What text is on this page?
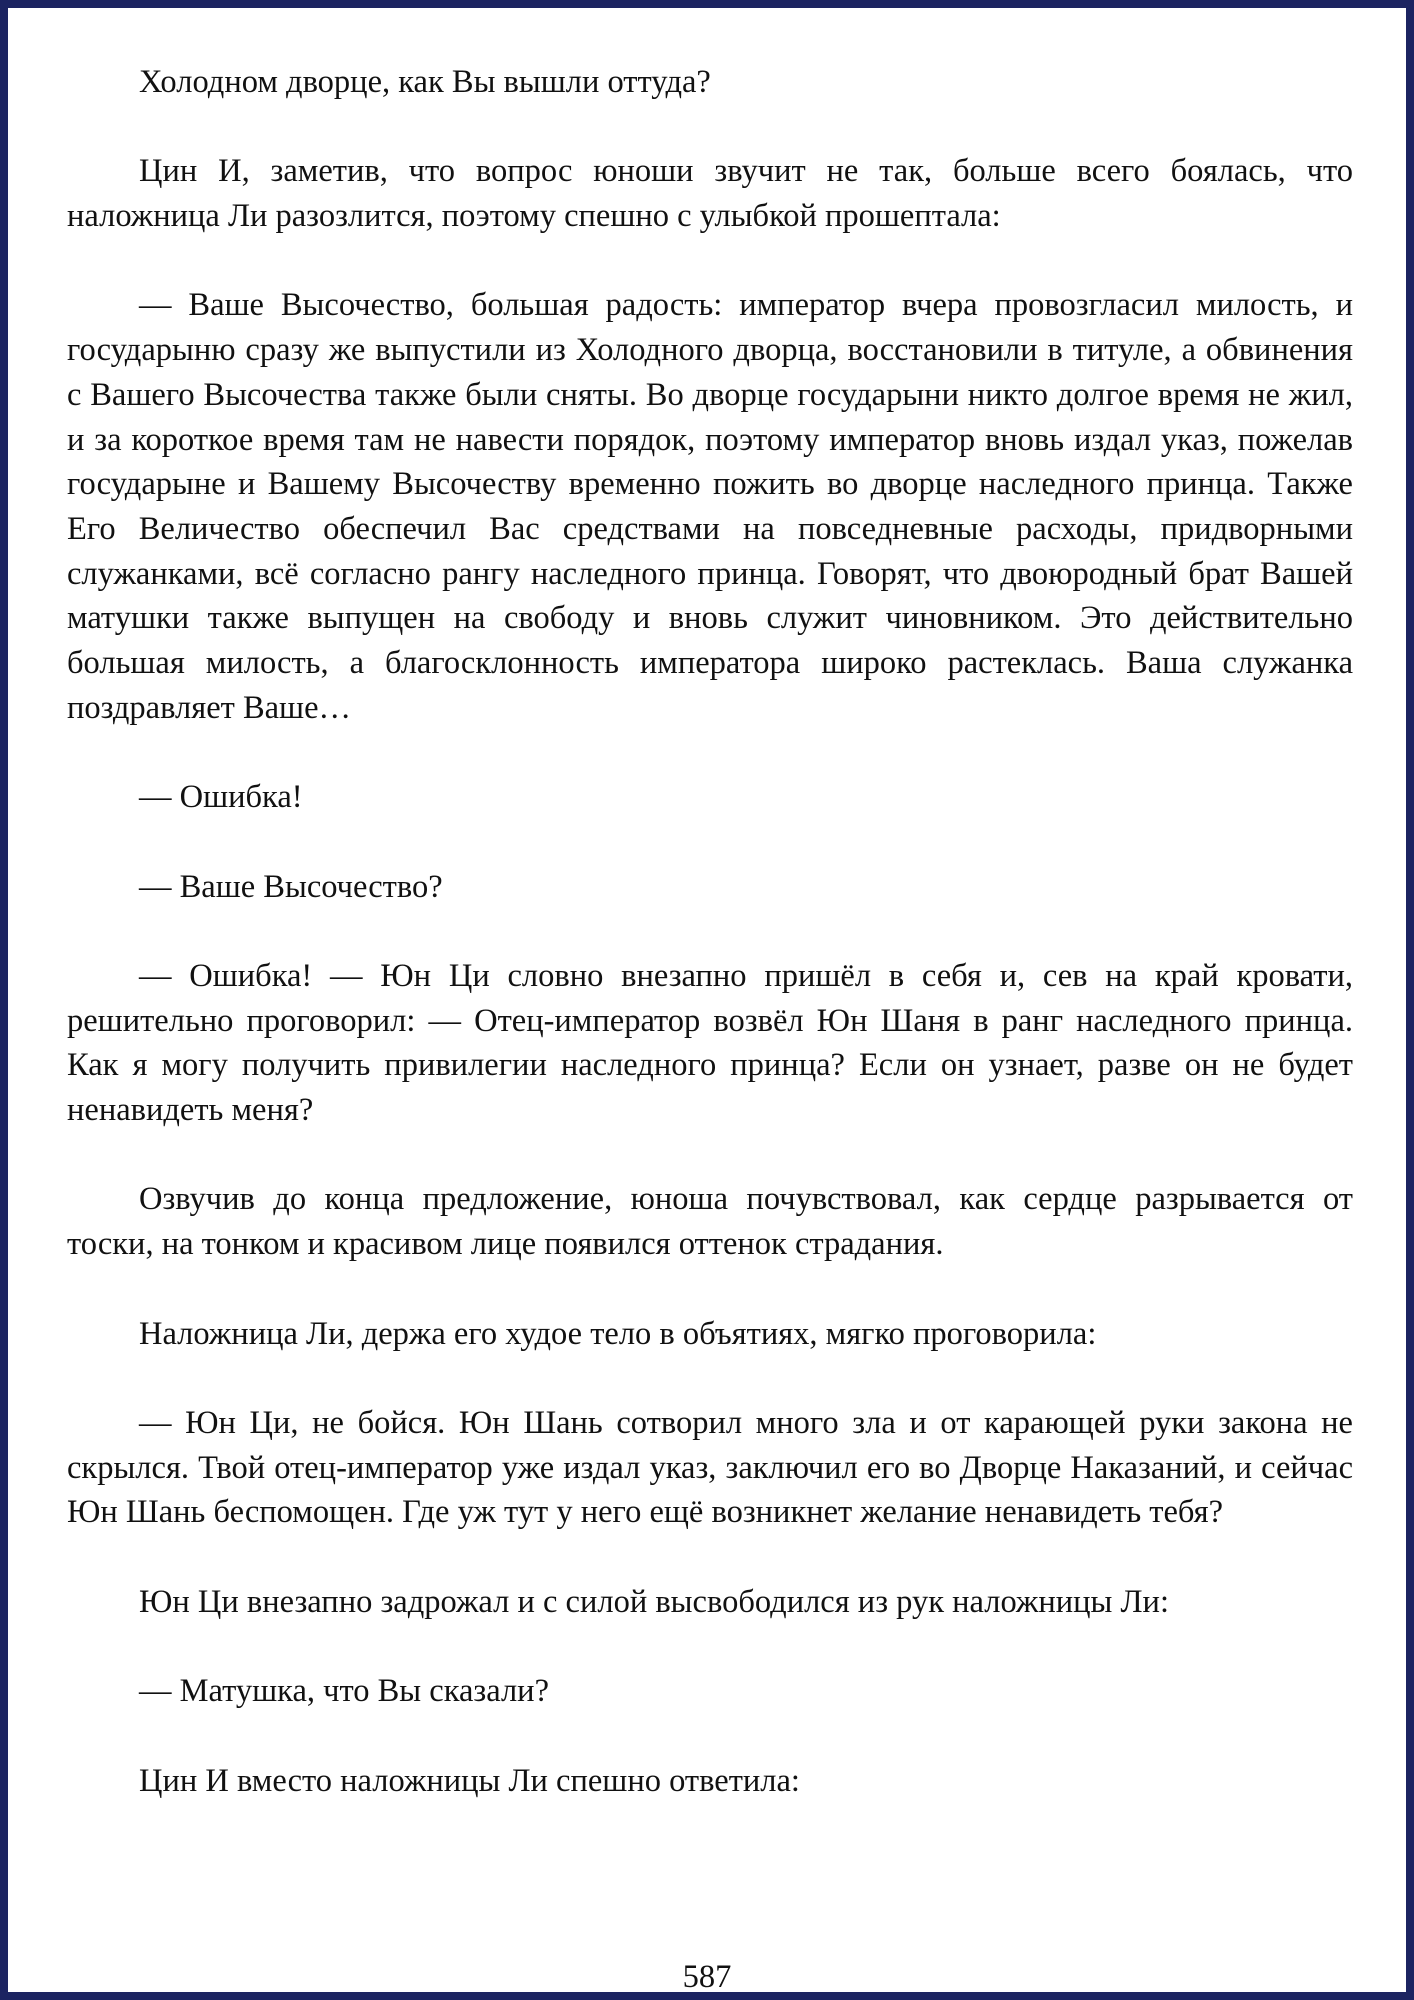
Холодном дворце, как Вы вышли оттуда?

Цин И, заметив, что вопрос юноши звучит не так, больше всего боялась, что наложница Ли разозлится, поэтому спешно с улыбкой прошептала:

— Ваше Высочество, большая радость: император вчера провозгласил милость, и государыню сразу же выпустили из Холодного дворца, восстановили в титуле, а обвинения с Вашего Высочества также были сняты. Во дворце государыни никто долгое время не жил, и за короткое время там не навести порядок, поэтому император вновь издал указ, пожелав государыне и Вашему Высочеству временно пожить во дворце наследного принца. Также Его Величество обеспечил Вас средствами на повседневные расходы, придворными служанками, всё согласно рангу наследного принца. Говорят, что двоюродный брат Вашей матушки также выпущен на свободу и вновь служит чиновником. Это действительно большая милость, а благосклонность императора широко растеклась. Ваша служанка поздравляет Ваше…

— Ошибка!

— Ваше Высочество?

— Ошибка! — Юн Ци словно внезапно пришёл в себя и, сев на край кровати, решительно проговорил: — Отец-император возвёл Юн Шаня в ранг наследного принца. Как я могу получить привилегии наследного принца? Если он узнает, разве он не будет ненавидеть меня?

Озвучив до конца предложение, юноша почувствовал, как сердце разрывается от тоски, на тонком и красивом лице появился оттенок страдания.

Наложница Ли, держа его худое тело в объятиях, мягко проговорила:

— Юн Ци, не бойся. Юн Шань сотворил много зла и от карающей руки закона не скрылся. Твой отец-император уже издал указ, заключил его во Дворце Наказаний, и сейчас Юн Шань беспомощен. Где уж тут у него ещё возникнет желание ненавидеть тебя?

Юн Ци внезапно задрожал и с силой высвободился из рук наложницы Ли:

— Матушка, что Вы сказали?

Цин И вместо наложницы Ли спешно ответила:

587
